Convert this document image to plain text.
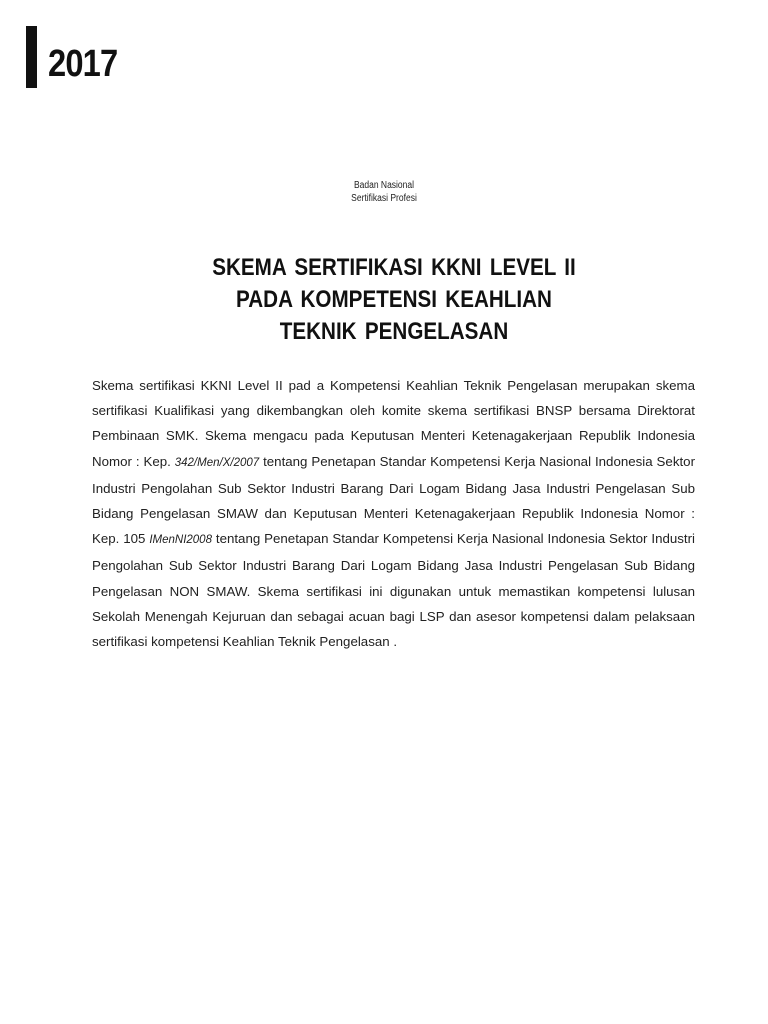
2017
Badan Nasional
Sertifikasi Profesi
SKEMA SERTIFIKASI KKNI LEVEL II
PADA KOMPETENSI KEAHLIAN
TEKNIK PENGELASAN
Skema sertifikasi KKNI Level II pad a Kompetensi Keahlian Teknik Pengelasan merupakan skema sertifikasi Kualifikasi yang dikembangkan oleh komite skema sertifikasi BNSP bersama Direktorat Pembinaan SMK. Skema mengacu pada Keputusan Menteri Ketenagakerjaan Republik Indonesia Nomor : Kep. 342/Men/X/2007 tentang Penetapan Standar Kompetensi Kerja Nasional Indonesia Sektor Industri Pengolahan Sub Sektor Industri Barang Dari Logam Bidang Jasa Industri Pengelasan Sub Bidang Pengelasan SMAW dan Keputusan Menteri Ketenagakerjaan Republik Indonesia Nomor : Kep. 105 IMenNI2008 tentang Penetapan Standar Kompetensi Kerja Nasional Indonesia Sektor Industri Pengolahan Sub Sektor Industri Barang Dari Logam Bidang Jasa Industri Pengelasan Sub Bidang Pengelasan NON SMAW. Skema sertifikasi ini digunakan untuk memastikan kompetensi lulusan Sekolah Menengah Kejuruan dan sebagai acuan bagi LSP dan asesor kompetensi dalam pelaksaan sertifikasi kompetensi Keahlian Teknik Pengelasan .
